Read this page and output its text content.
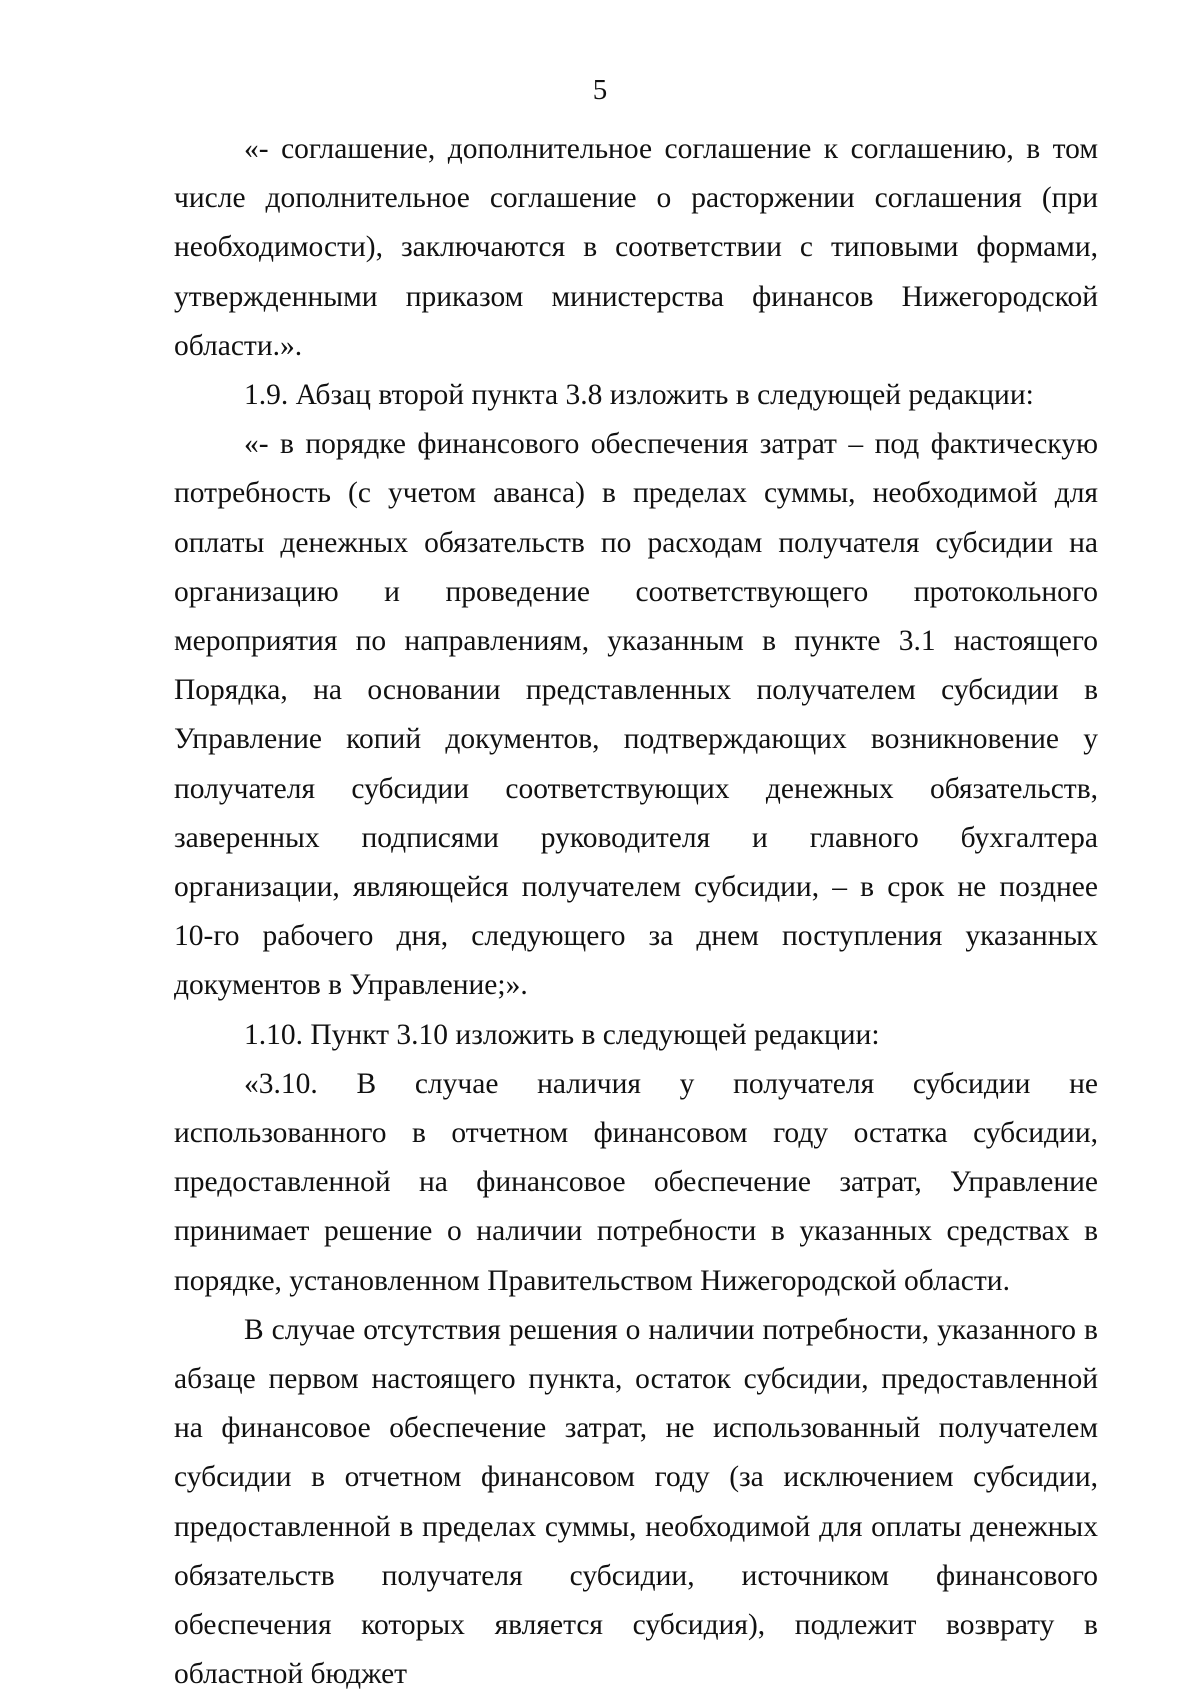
5

«- соглашение, дополнительное соглашение к соглашению, в том числе дополнительное соглашение о расторжении соглашения (при необходимости), заключаются в соответствии с типовыми формами, утвержденными приказом министерства финансов Нижегородской области.».

1.9. Абзац второй пункта 3.8 изложить в следующей редакции:

«- в порядке финансового обеспечения затрат – под фактическую потребность (с учетом аванса) в пределах суммы, необходимой для оплаты денежных обязательств по расходам получателя субсидии на организацию и проведение соответствующего протокольного мероприятия по направлениям, указанным в пункте 3.1 настоящего Порядка, на основании представленных получателем субсидии в Управление копий документов, подтверждающих возникновение у получателя субсидии соответствующих денежных обязательств, заверенных подписями руководителя и главного бухгалтера организации, являющейся получателем субсидии, – в срок не позднее 10-го рабочего дня, следующего за днем поступления указанных документов в Управление;».

1.10. Пункт 3.10 изложить в следующей редакции:

«3.10. В случае наличия у получателя субсидии не использованного в отчетном финансовом году остатка субсидии, предоставленной на финансовое обеспечение затрат, Управление принимает решение о наличии потребности в указанных средствах в порядке, установленном Правительством Нижегородской области.

В случае отсутствия решения о наличии потребности, указанного в абзаце первом настоящего пункта, остаток субсидии, предоставленной на финансовое обеспечение затрат, не использованный получателем субсидии в отчетном финансовом году (за исключением субсидии, предоставленной в пределах суммы, необходимой для оплаты денежных обязательств получателя субсидии, источником финансового обеспечения которых является субсидия), подлежит возврату в областной бюджет
